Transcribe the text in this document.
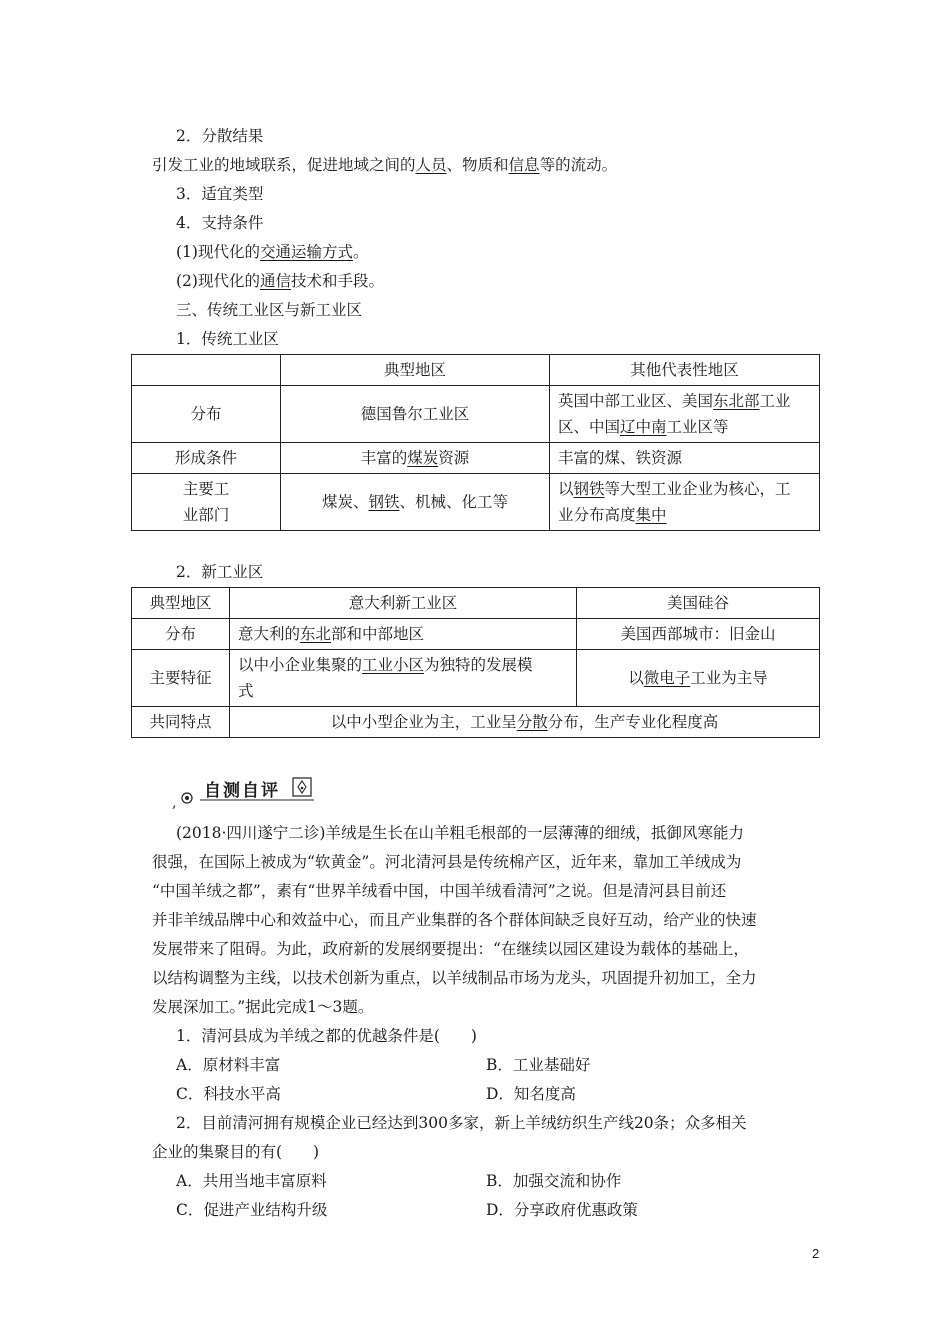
2．分散结果
引发工业的地域联系，促进地域之间的人员、物质和信息等的流动。
3．适宜类型
4．支持条件
(1)现代化的交通运输方式。
(2)现代化的通信技术和手段。
三、传统工业区与新工业区
1．传统工业区
	典型地区	其他代表性地区
分布	德国鲁尔工业区	英国中部工业区、美国东北部工业
区、中国辽中南工业区等
形成条件	丰富的煤炭资源	丰富的煤、铁资源
主要工
业部门	煤炭、钢铁、机械、化工等	以钢铁等大型工业企业为核心，工
业分布高度集中
2．新工业区
典型地区	意大利新工业区	美国硅谷
分布	意大利的东北部和中部地区	美国西部城市：旧金山
主要特征	以中小企业集聚的工业小区为独特的发展模
式	以微电子工业为主导
共同特点	以中小型企业为主，工业呈分散分布，生产专业化程度高	
,
自测自评
(2018·四川遂宁二诊)羊绒是生长在山羊粗毛根部的一层薄薄的细绒，抵御风寒能力
很强，在国际上被成为“软黄金”。河北清河县是传统棉产区，近年来，靠加工羊绒成为
“中国羊绒之都”，素有“世界羊绒看中国，中国羊绒看清河”之说。但是清河县目前还
并非羊绒品牌中心和效益中心，而且产业集群的各个群体间缺乏良好互动，给产业的快速
发展带来了阻碍。为此，政府新的发展纲要提出：“在继续以园区建设为载体的基础上，
以结构调整为主线，以技术创新为重点，以羊绒制品市场为龙头，巩固提升初加工，全力
发展深加工。”据此完成1～3题。
1．清河县成为羊绒之都的优越条件是(　　)
A．原材料丰富	B．工业基础好
C．科技水平高	D．知名度高
2．目前清河拥有规模企业已经达到300多家，新上羊绒纺织生产线20条；众多相关
企业的集聚目的有(　　)
A．共用当地丰富原料	B．加强交流和协作
C．促进产业结构升级	D．分享政府优惠政策
2
